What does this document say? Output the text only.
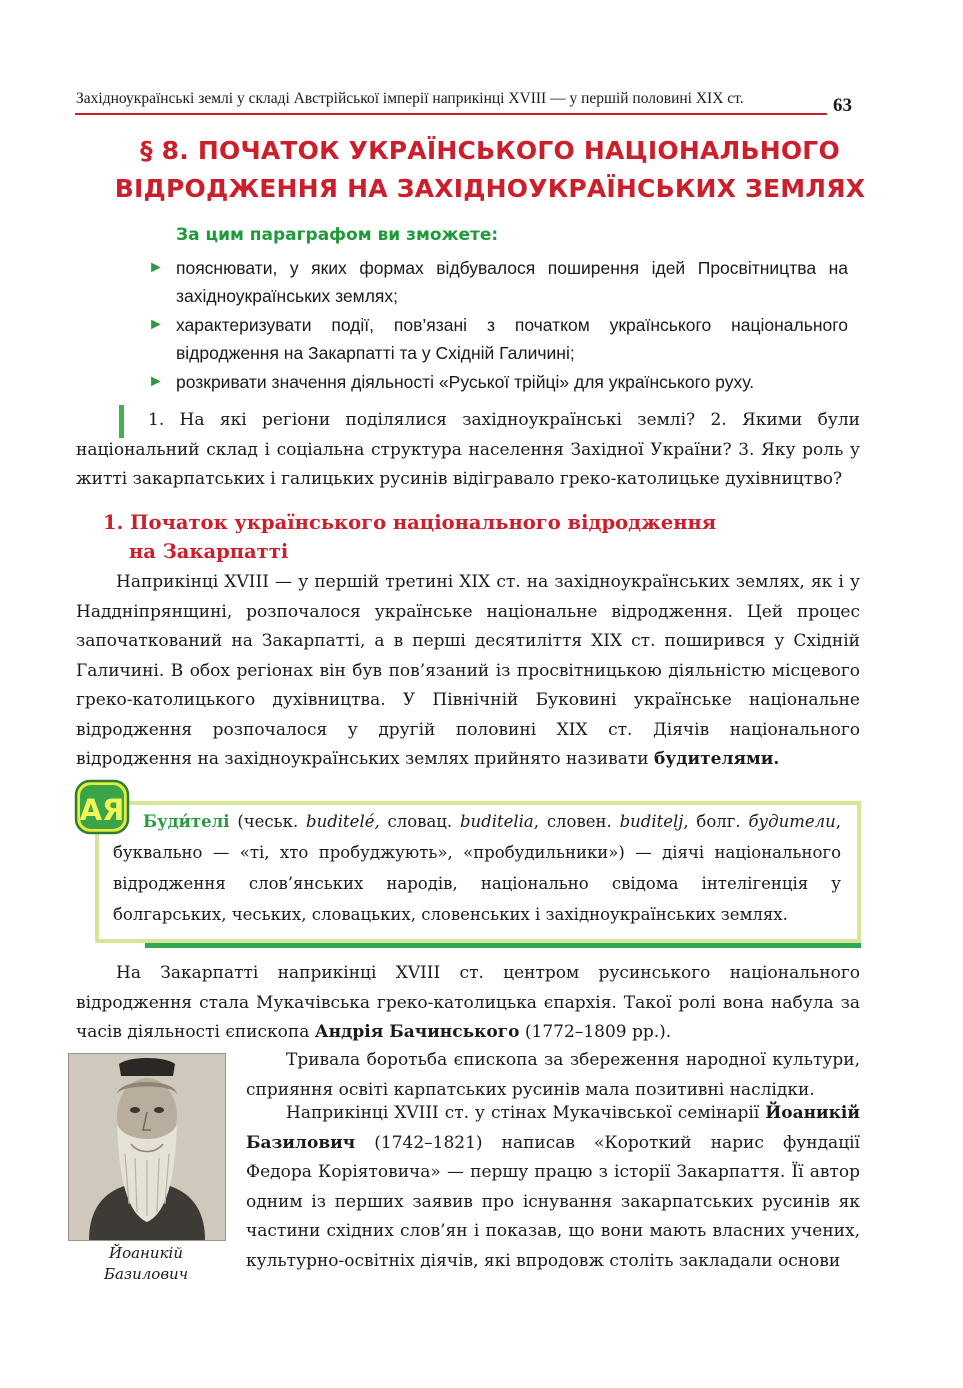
Західноукраїнські землі у складі Австрійської імперії наприкінці XVIII — у першій половині XIX ст.	63
§ 8. ПОЧАТОК УКРАЇНСЬКОГО НАЦІОНАЛЬНОГО
ВІДРОДЖЕННЯ НА ЗАХІДНОУКРАЇНСЬКИХ ЗЕМЛЯХ
За цим параграфом ви зможете:
► пояснювати, у яких формах відбувалося поширення ідей Просвітництва на західноукраїнських землях;
► характеризувати події, пов’язані з початком українського національного відродження на Закарпатті та у Східній Галичині;
► розкривати значення діяльності «Руської трійці» для українського руху.
1. На які регіони поділялися західноукраїнські землі? 2. Якими були національний склад і соціальна структура населення Західної України? 3. Яку роль у житті закарпатських і галицьких русинів відігравало греко-католицьке духівництво?
1. Початок українського національного відродження
на Закарпатті
Наприкінці XVIII — у першій третині XIX ст. на західноукраїнських землях, як і у Наддніпрянщині, розпочалося українське національне відродження. Цей процес започаткований на Закарпатті, а в перші десятиліття XIX ст. поширився у Східній Галичині. В обох регіонах він був пов’язаний із просвітницькою діяльністю місцевого греко-католицького духівництва. У Північній Буковині українське національне відродження розпочалося у другій половині XIX ст. Діячів національного відродження на західноукраїнських землях прийнято називати будителями.
Буди́телі (чеськ. buditelé, словац. buditelia, словен. buditelj, болг. будители, буквально — «ті, хто пробуджують», «пробудильники») — діячі національного відродження слов’янських народів, національно свідома інтелігенція у болгарських, чеських, словацьких, словенських і західноукраїнських землях.
АЯ
На Закарпатті наприкінці XVIII ст. центром русинського національного відродження стала Мукачівська греко-католицька єпархія. Такої ролі вона набула за часів діяльності єпископа Андрія Бачинського (1772–1809 рр.).
Йоаникій
Базилович
Тривала боротьба єпископа за збереження народної культури, сприяння освіті карпатських русинів мала позитивні наслідки.
Наприкінці XVIII ст. у стінах Мукачівської семінарії Йоаникій Базилович (1742–1821) написав «Короткий нарис фундації Федора Коріятовича» — першу працю з історії Закарпаття. Її автор одним із перших заявив про існування закарпатських русинів як частини східних слов’ян і показав, що вони мають власних учених, культурно-освітніх діячів, які впродовж століть закладали основи
